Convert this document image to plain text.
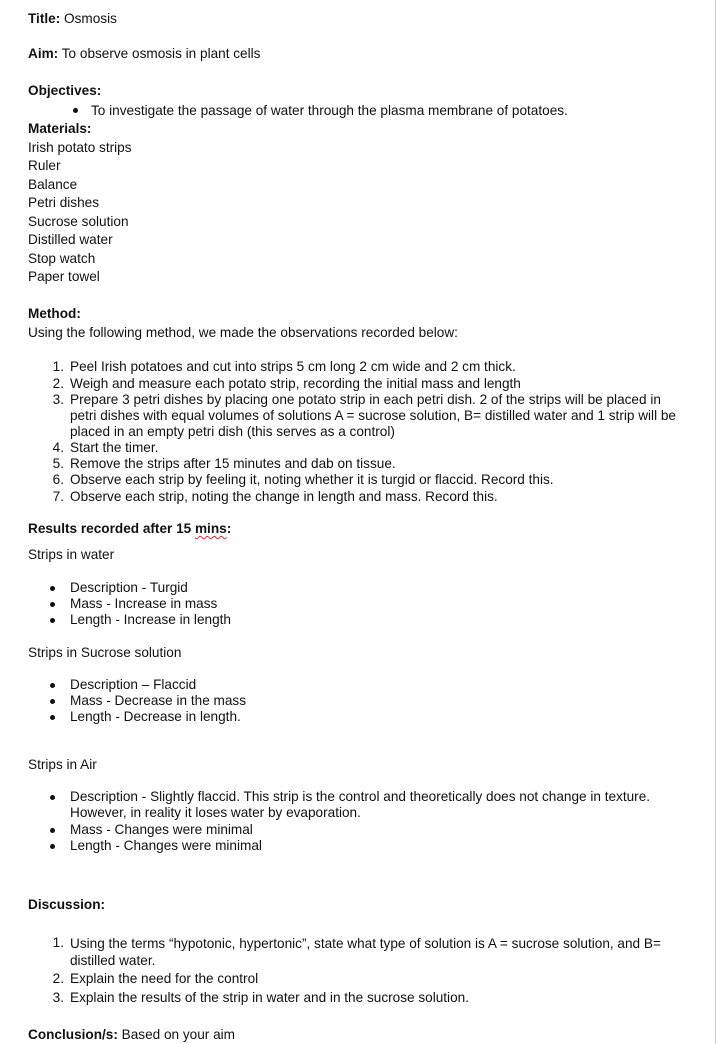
Title: Osmosis
Aim: To observe osmosis in plant cells
Objectives:
To investigate the passage of water through the plasma membrane of potatoes.
Materials:
Irish potato strips
Ruler
Balance
Petri dishes
Sucrose solution
Distilled water
Stop watch
Paper towel
Method:
Using the following method, we made the observations recorded below:
1. Peel Irish potatoes and cut into strips 5 cm long 2 cm wide and 2 cm thick.
2. Weigh and measure each potato strip, recording the initial mass and length
3. Prepare 3 petri dishes by placing one potato strip in each petri dish. 2 of the strips will be placed in petri dishes with equal volumes of solutions A = sucrose solution, B= distilled water and 1 strip will be placed in an empty petri dish (this serves as a control)
4. Start the timer.
5. Remove the strips after 15 minutes and dab on tissue.
6. Observe each strip by feeling it, noting whether it is turgid or flaccid. Record this.
7. Observe each strip, noting the change in length and mass. Record this.
Results recorded after 15 mins:
Strips in water
Description - Turgid
Mass - Increase in mass
Length - Increase in length
Strips in Sucrose solution
Description – Flaccid
Mass - Decrease in the mass
Length - Decrease in length.
Strips in Air
Description - Slightly flaccid. This strip is the control and theoretically does not change in texture. However, in reality it loses water by evaporation.
Mass - Changes were minimal
Length - Changes were minimal
Discussion:
1. Using the terms “hypotonic, hypertonic”, state what type of solution is A = sucrose solution, and B= distilled water.
2. Explain the need for the control
3. Explain the results of the strip in water and in the sucrose solution.
Conclusion/s: Based on your aim
